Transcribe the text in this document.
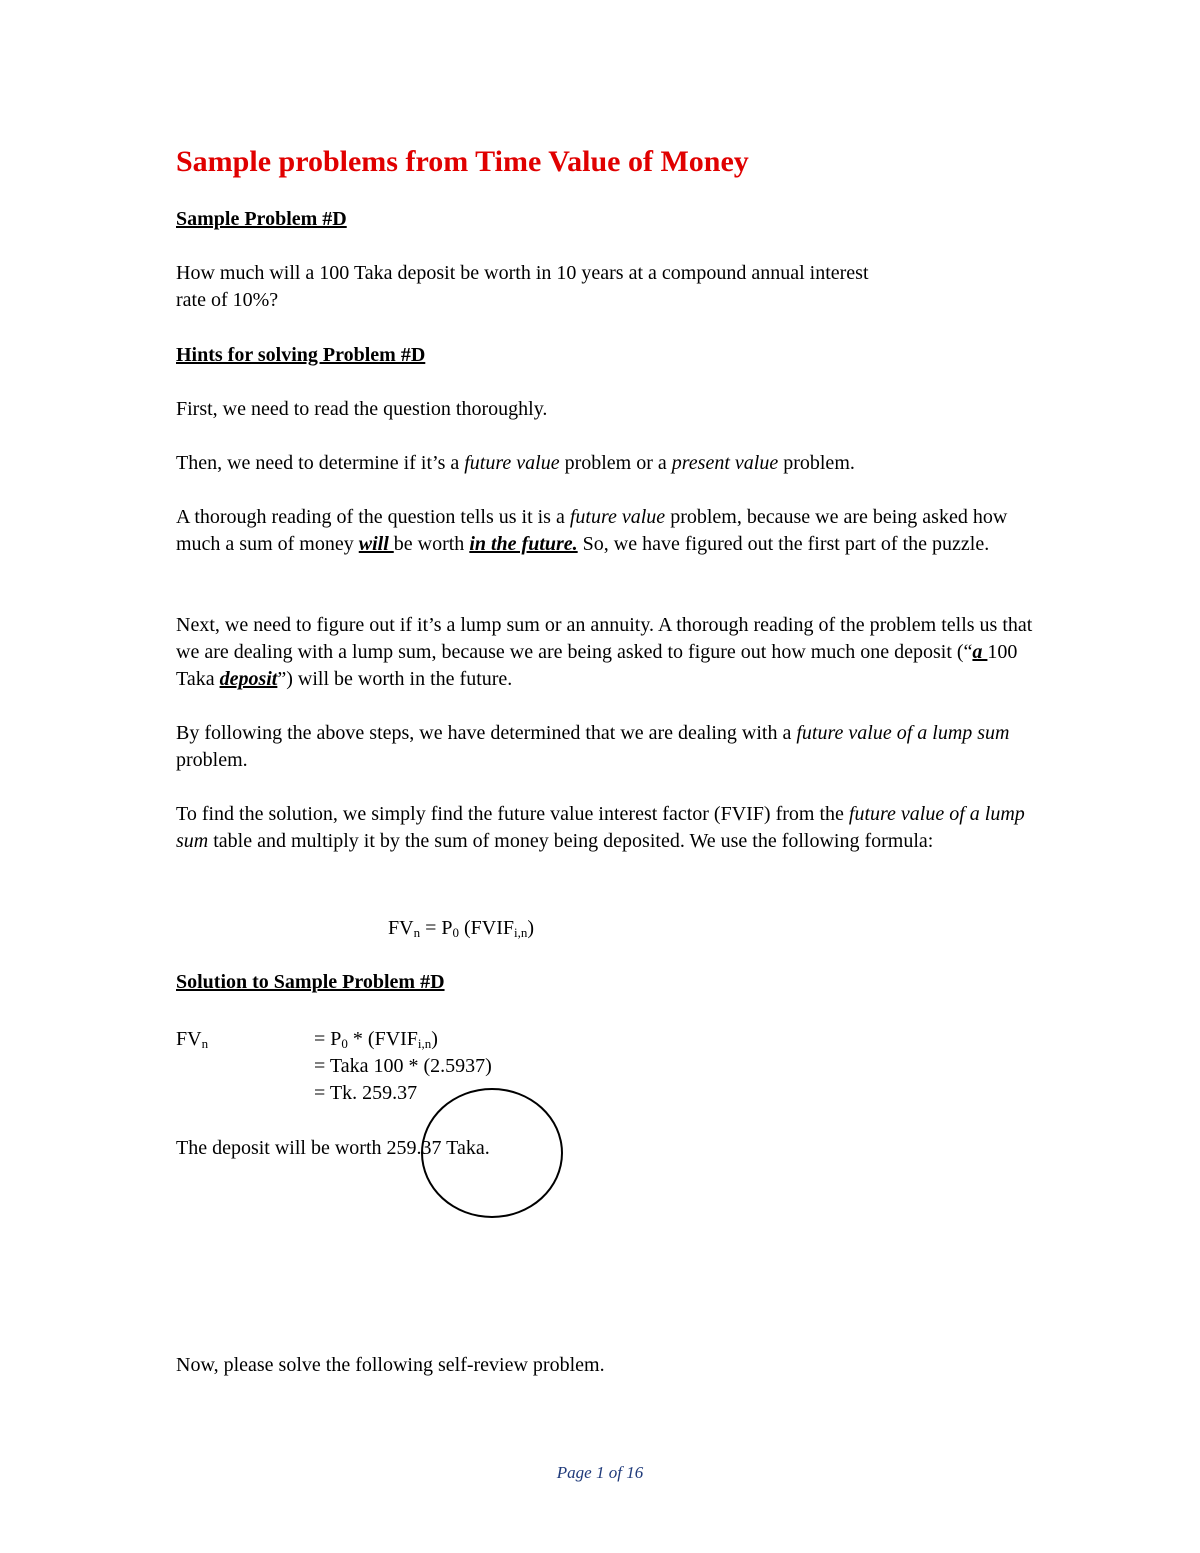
Sample problems from Time Value of Money

Sample Problem #D

How much will a 100 Taka deposit be worth in 10 years at a compound annual interest
rate of 10%?

Hints for solving Problem #D

First, we need to read the question thoroughly.

Then, we need to determine if it’s a future value problem or a present value problem.

A thorough reading of the question tells us it is a future value problem, because we are being asked how much a sum of money will be worth in the future. So, we have figured out the first part of the puzzle.

Next, we need to figure out if it’s a lump sum or an annuity. A thorough reading of the problem tells us that we are dealing with a lump sum, because we are being asked to figure out how much one deposit (“a 100 Taka deposit”) will be worth in the future.

By following the above steps, we have determined that we are dealing with a future value of a lump sum problem.

To find the solution, we simply find the future value interest factor (FVIF) from the future value of a lump sum table and multiply it by the sum of money being deposited. We use the following formula:

$FV_n = P_0$ $(FVIF_{i,n})$

Solution to Sample Problem #D

$FV_n$	= $P_0$ * $(FVIF_{i,n})$
= Taka 100 * (2.5937)
= Tk. 259.37

The deposit will be worth 259.37 Taka.

Now, please solve the following self-review problem.

Page 1 of 16
